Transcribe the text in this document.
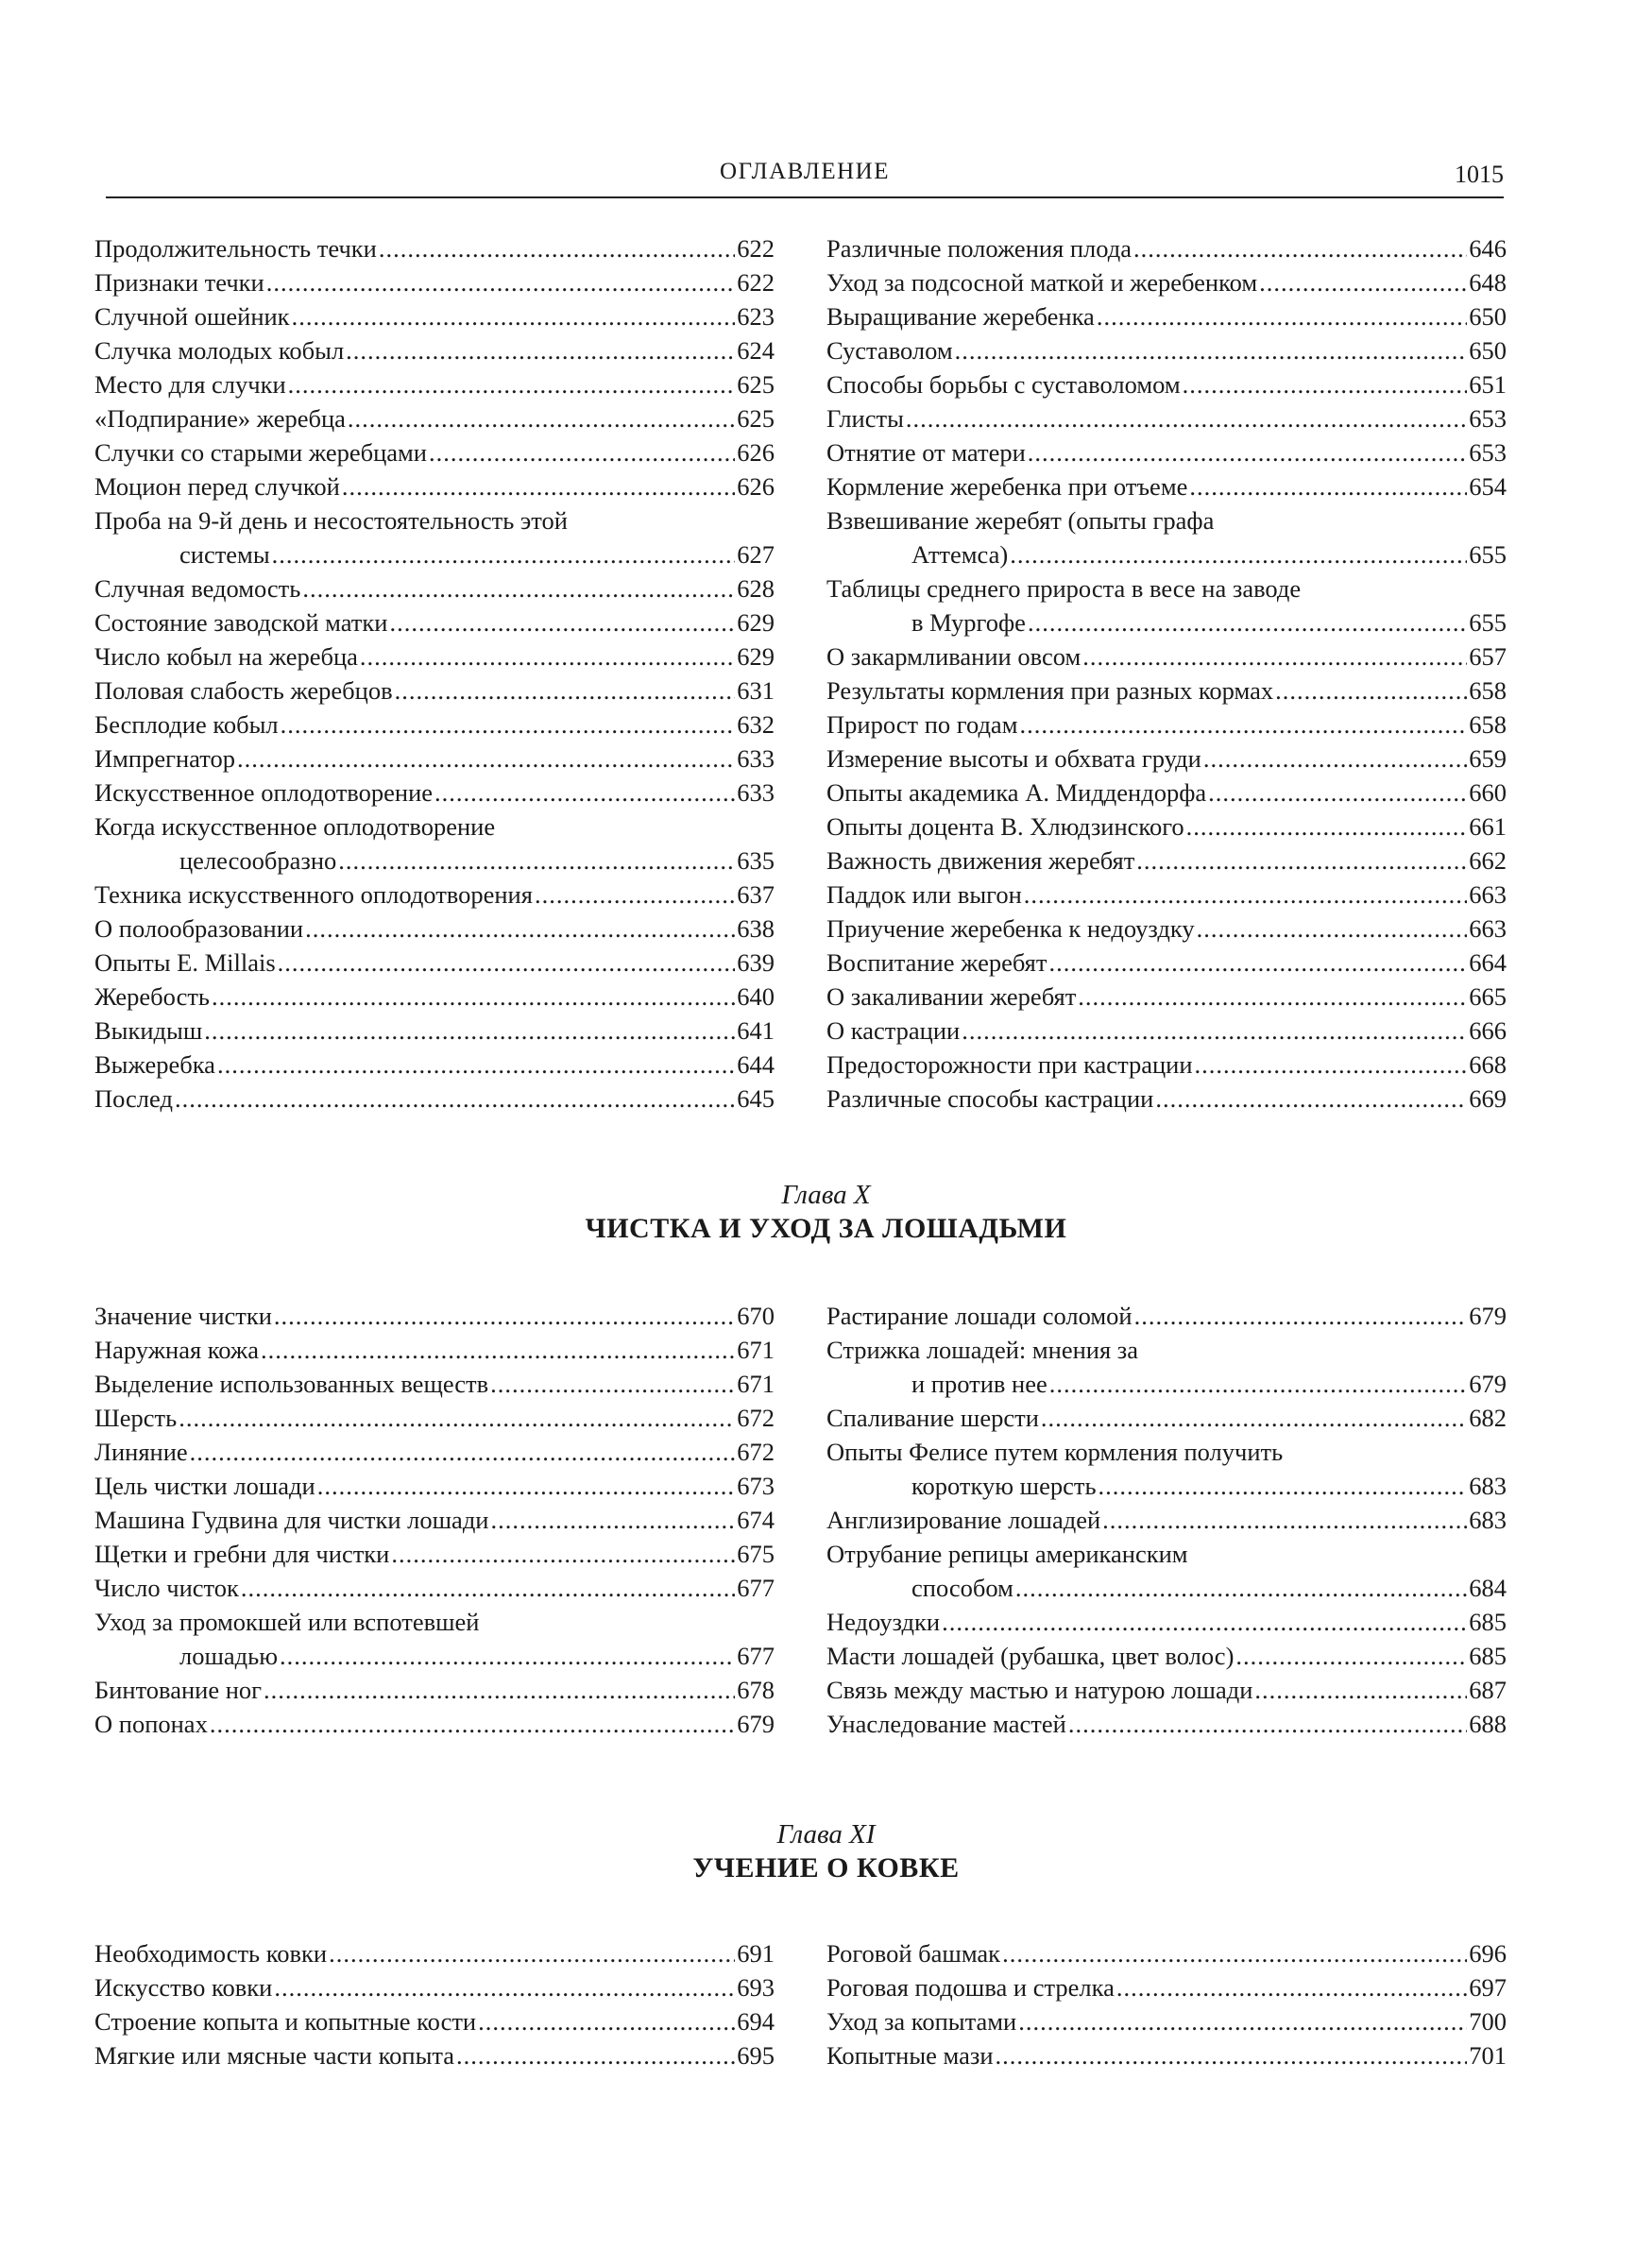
ОГЛАВЛЕНИЕ	1015
Продолжительность течки .....	622
Признаки течки .....	622
Случной ошейник .....	623
Случка молодых кобыл .....	624
Место для случки .....	625
«Подпирание» жеребца .....	625
Случки со старыми жеребцами .....	626
Моцион перед случкой .....	626
Проба на 9-й день и несостоятельность этой
системы .....	627
Случная ведомость .....	628
Состояние заводской матки .....	629
Число кобыл на жеребца .....	629
Половая слабость жеребцов .....	631
Бесплодие кобыл .....	632
Импрегнатор .....	633
Искусственное оплодотворение .....	633
Когда искусственное оплодотворение
целесообразно .....	635
Техника искусственного оплодотворения .....	637
О полообразовании .....	638
Опыты E. Millais .....	639
Жеребость .....	640
Выкидыш .....	641
Выжеребка .....	644
Послед .....	645
Различные положения плода .....	646
Уход за подсосной маткой и жеребенком .....	648
Выращивание жеребенка .....	650
Суставолом .....	650
Способы борьбы с суставоломом .....	651
Глисты .....	653
Отнятие от матери .....	653
Кормление жеребенка при отъеме .....	654
Взвешивание жеребят (опыты графа
Аттемса) .....	655
Таблицы среднего прироста в весе на заводе
в Мургофе .....	655
О закармливании овсом .....	657
Результаты кормления при разных кормах .....	658
Прирост по годам .....	658
Измерение высоты и обхвата груди .....	659
Опыты академика А. Миддендорфа .....	660
Опыты доцента В. Хлюдзинского .....	661
Важность движения жеребят .....	662
Паддок или выгон .....	663
Приучение жеребенка к недоуздку .....	663
Воспитание жеребят .....	664
О закаливании жеребят .....	665
О кастрации .....	666
Предосторожности при кастрации .....	668
Различные способы кастрации .....	669
Глава X
ЧИСТКА И УХОД ЗА ЛОШАДЬМИ
Значение чистки .....	670
Наружная кожа .....	671
Выделение использованных веществ .....	671
Шерсть .....	672
Линяние .....	672
Цель чистки лошади .....	673
Машина Гудвина для чистки лошади .....	674
Щетки и гребни для чистки .....	675
Число чисток .....	677
Уход за промокшей или вспотевшей
лошадью .....	677
Бинтование ног .....	678
О попонах .....	679
Растирание лошади соломой .....	679
Стрижка лошадей: мнения за
и против нее .....	679
Спаливание шерсти .....	682
Опыты Фелисе путем кормления получить
короткую шерсть .....	683
Англизирование лошадей .....	683
Отрубание репицы американским
способом .....	684
Недоуздки .....	685
Масти лошадей (рубашка, цвет волос) .....	685
Связь между мастью и натурою лошади .....	687
Унаследование мастей .....	688
Глава XI
УЧЕНИЕ О КОВКЕ
Необходимость ковки .....	691
Искусство ковки .....	693
Строение копыта и копытные кости .....	694
Мягкие или мясные части копыта .....	695
Роговой башмак .....	696
Роговая подошва и стрелка .....	697
Уход за копытами .....	700
Копытные мази .....	701
